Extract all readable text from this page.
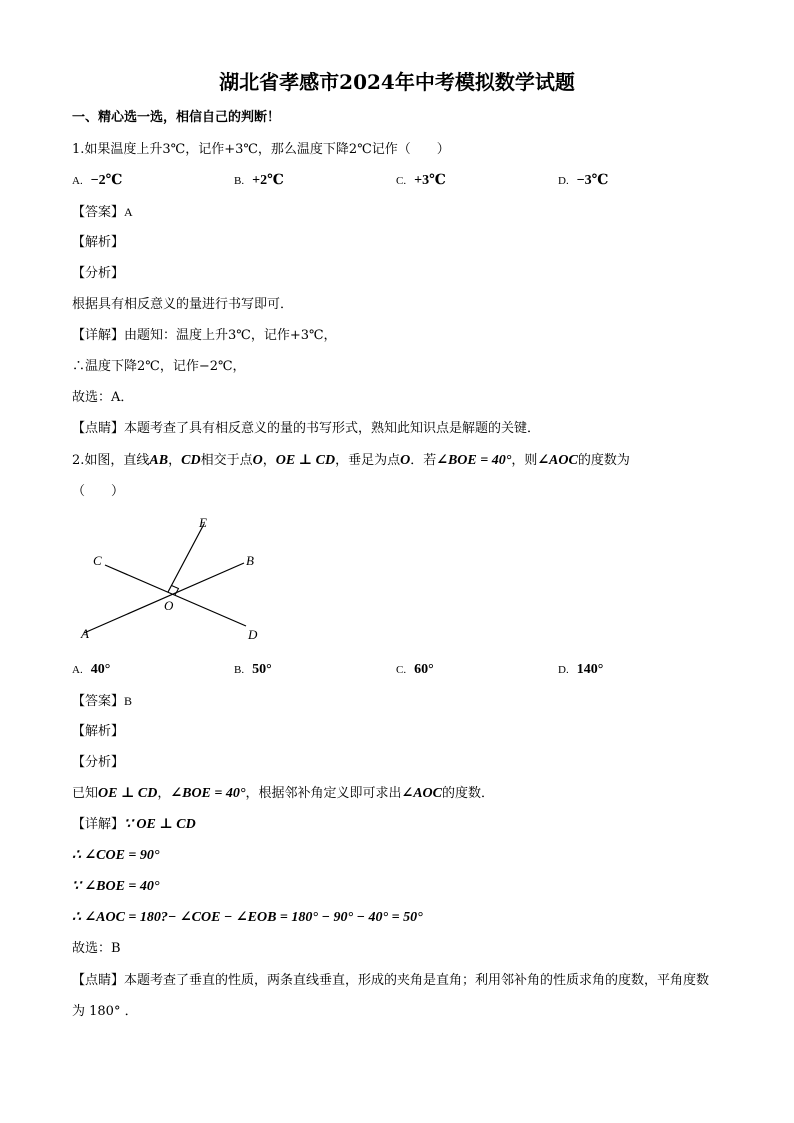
湖北省孝感市2024年中考模拟数学试题
一、精心选一选，相信自己的判断！
1.如果温度上升3℃，记作+3℃，那么温度下降2℃记作（　　）
A. −2℃	B. +2℃	C. +3℃	D. −3℃
【答案】A
【解析】
【分析】
根据具有相反意义的量进行书写即可．
【详解】由题知：温度上升3℃，记作+3℃，
∴温度下降2℃，记作−2℃，
故选：A．
【点睛】本题考查了具有相反意义的量的书写形式，熟知此知识点是解题的关键．
2.如图，直线AB，CD相交于点O，OE ⊥ CD，垂足为点O．若∠BOE = 40°，则∠AOC的度数为
（　　）
E
C	B
O
A	D
A. 40°	B. 50°	C. 60°	D. 140°
【答案】B
【解析】
【分析】
已知OE ⊥ CD，∠BOE = 40°，根据邻补角定义即可求出∠AOC的度数．
【详解】∵ OE ⊥ CD
∴ ∠COE = 90°
∵ ∠BOE = 40°
∴ ∠AOC = 180?− ∠COE − ∠EOB = 180° − 90° − 40° = 50°
故选：B
【点睛】本题考查了垂直的性质，两条直线垂直，形成的夹角是直角；利用邻补角的性质求角的度数，平角度数为 180° ．
